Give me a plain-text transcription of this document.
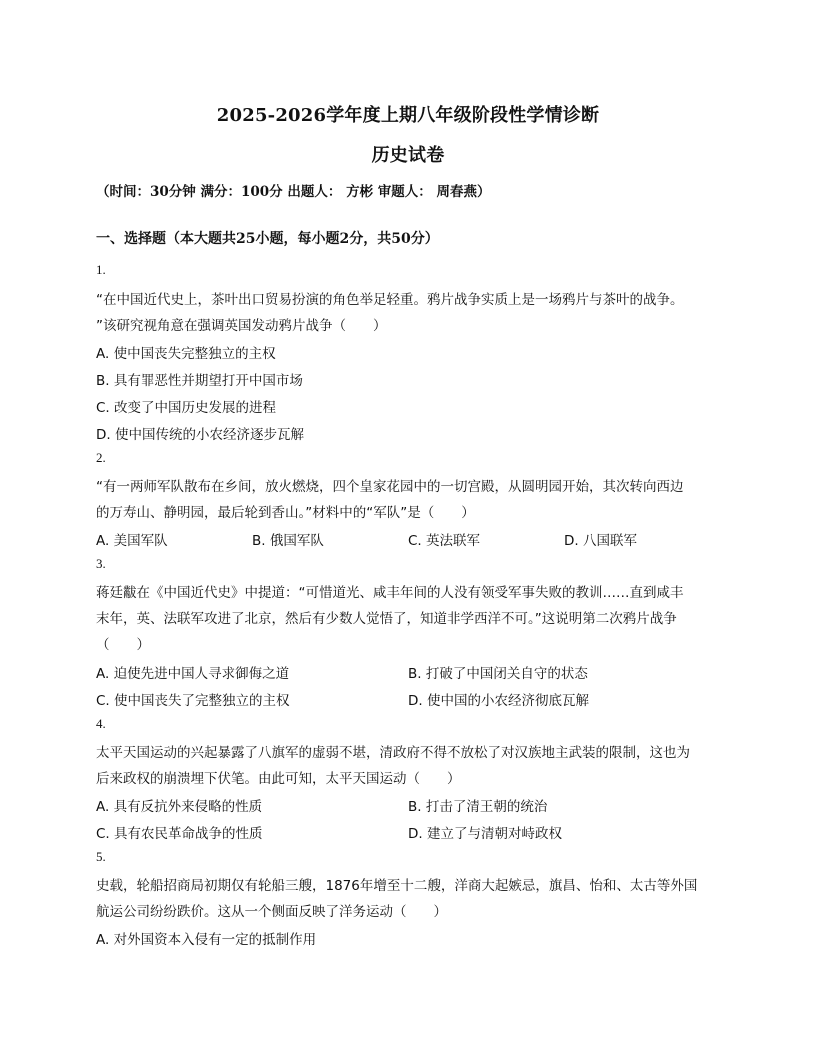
2025-2026学年度上期八年级阶段性学情诊断
历史试卷
（时间：30分钟 满分：100分 出题人： 方彬 审题人： 周春燕）
一、选择题（本大题共25小题，每小题2分，共50分）
1.
“在中国近代史上，茶叶出口贸易扮演的角色举足轻重。鸦片战争实质上是一场鸦片与茶叶的战争。
”该研究视角意在强调英国发动鸦片战争（　　）
A. 使中国丧失完整独立的主权
B. 具有罪恶性并期望打开中国市场
C. 改变了中国历史发展的进程
D. 使中国传统的小农经济逐步瓦解
2.
“有一两师军队散布在乡间，放火燃烧，四个皇家花园中的一切宫殿，从圆明园开始，其次转向西边
的万寿山、静明园，最后轮到香山。”材料中的“军队”是（　　）
A. 美国军队	B. 俄国军队	C. 英法联军	D. 八国联军
3.
蒋廷黻在《中国近代史》中提道：“可惜道光、咸丰年间的人没有领受军事失败的教训……直到咸丰
末年，英、法联军攻进了北京，然后有少数人觉悟了，知道非学西洋不可。”这说明第二次鸦片战争
（　　）
A. 迫使先进中国人寻求御侮之道	B. 打破了中国闭关自守的状态
C. 使中国丧失了完整独立的主权	D. 使中国的小农经济彻底瓦解
4.
太平天国运动的兴起暴露了八旗军的虚弱不堪，清政府不得不放松了对汉族地主武装的限制，这也为
后来政权的崩溃埋下伏笔。由此可知，太平天国运动（　　）
A. 具有反抗外来侵略的性质	B. 打击了清王朝的统治
C. 具有农民革命战争的性质	D. 建立了与清朝对峙政权
5.
史载，轮船招商局初期仅有轮船三艘，1876年增至十二艘，洋商大起嫉忌，旗昌、怡和、太古等外国
航运公司纷纷跌价。这从一个侧面反映了洋务运动（　　）
A. 对外国资本入侵有一定的抵制作用
